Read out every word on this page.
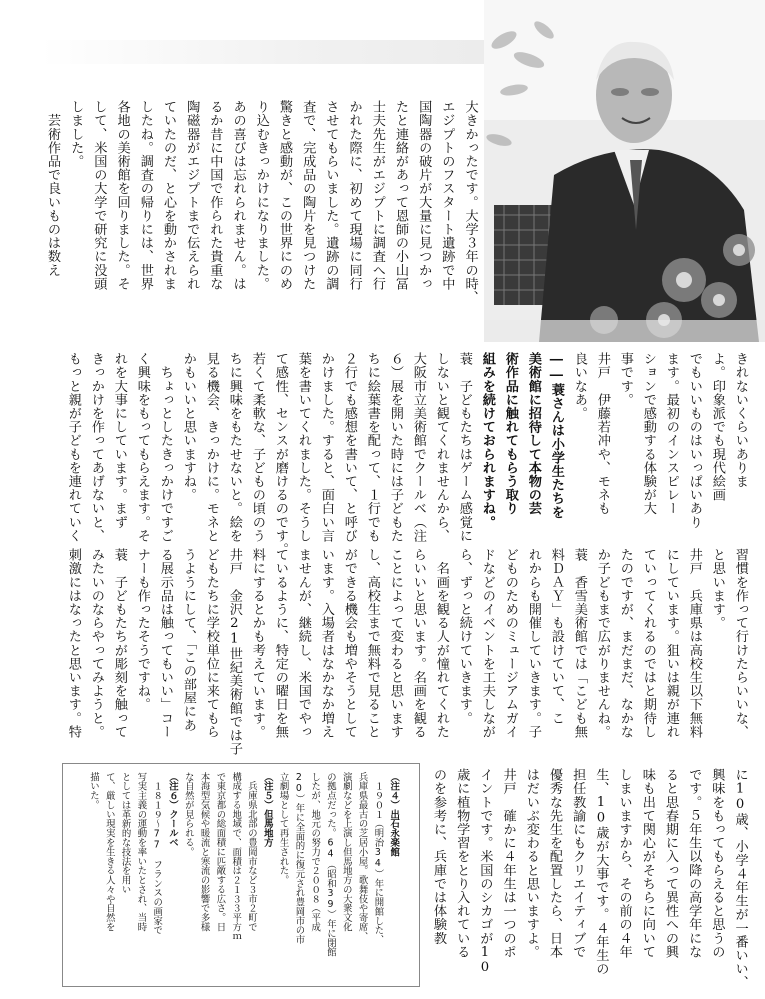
大きかったです。大学３年の時、
エジプトのフスタート遺跡で中
国陶器の破片が大量に見つかっ
たと連絡があって恩師の小山冨
士夫先生がエジプトに調査へ行
かれた際に、初めて現場に同行
させてもらいました。遺跡の調
査で、完成品の陶片を見つけた
驚きと感動が、この世界にのめ
り込むきっかけになりました。
あの喜びは忘れられません。は
るか昔に中国で作られた貴重な
陶磁器がエジプトまで伝えられ
ていたのだ、と心を動かされま
したね。調査の帰りには、世界
各地の美術館を回りました。そ
して、米国の大学で研究に没頭
しました。
　芸術作品で良いものは数え
きれないくらいありま
よ。印象派でも現代絵画
でもいいものはいっぱいあり
ます。最初のインスピレー
ションで感動する体験が大
事です。
井戸　伊藤若冲や、モネも
良いなあ。
――蓑さんは小学生たちを
美術館に招待して本物の芸
術作品に触れてもらう取り
組みを続けておられますね。
蓑　子どもたちはゲーム感覚に
しないと観てくれませんから、
大阪市立美術館でクールベ（注
６）展を開いた時には子どもた
ちに絵葉書を配って、１行でも
２行でも感想を書いて、と呼び
かけました。すると、面白い言
葉を書いてくれました。そうし
て感性、センスが磨けるのです。
若くて柔軟な、子どもの頃のう
ちに興味をもたせないと。絵を
見る機会、きっかけに。モネと
かもいいと思いますね。
　ちょっとしたきっかけですご
く興味をもってもらえます。そ
れを大事にしています。まず
きっかけを作ってあげないと、
もっと親が子どもを連れていく
習慣を作って行けたらいいな、
と思います。
井戸　兵庫県は高校生以下無料
にしています。狙いは親が連れ
ていってくれるのではと期待し
たのですが、まだまだ、なかな
か子どもまで広がりませんね。
蓑　香雪美術館では「こども無
料ＤＡＹ」も設けていて、こ
れからも開催していきます。子
どものためのミュージアムガイ
ドなどのイベントを工夫しなが
ら、ずっと続けていきます。
　名画を観る人が憧れてくれた
らいいと思います。名画を観る
ことによって変わると思います
し、高校生まで無料で見ること
ができる機会も増やそうとして
います。入場者はなかなか増え
ませんが、継続し、米国でやっ
ているように、特定の曜日を無
料にするとかも考えています。
井戸　金沢21世紀美術館では子
どもたちに学校単位に来てもら
うようにして、「この部屋にあ
る展示品は触ってもいい」コー
ナーも作ったそうですね。
蓑　子どもたちが彫刻を触って
みたいのならやってみようと。
刺激にはなったと思います。特
に10歳、小学４年生が一番いい、
興味をもってもらえると思うの
です。５年生以降の高学年にな
ると思春期に入って異性への興
味も出て関心がそちらに向いて
しまいますから、その前の４年
生、10歳が大事です。４年生の
担任教諭にもクリエイティブで
優秀な先生を配置したら、日本
はだいぶ変わると思いますよ。
井戸　確かに４年生は一つのポ
イントです。米国のシカゴが10
歳に植物学習をとり入れている
のを参考に、兵庫では体験教
（注４）出石永楽館
　１９０１（明治34）年に開館した、
兵庫県最古の芝居小屋。歌舞伎や寄席、
演劇などを上演し但馬地方の大衆文化
の拠点だった。64（昭和39）年に閉館
したが、地元の努力で２００８（平成
20）年に全面的に復元され豊岡市の市
立劇場として再生された。
（注５）但馬地方
　兵庫県北部の豊岡市など３市２町で
構成する地域で、面積は２１３３平方ｍ
で東京都の総面積に匹敵する広さ。日
本海型気候や暖流と寒流の影響で多様
な自然が見られる。
（注６）クールベ
　１８１９～77　フランスの画家で
写実主義の運動を率いたとされ、当時
としては革新的な技法を用い
て、厳しい現実を生きる人々や自然を
描いた。
